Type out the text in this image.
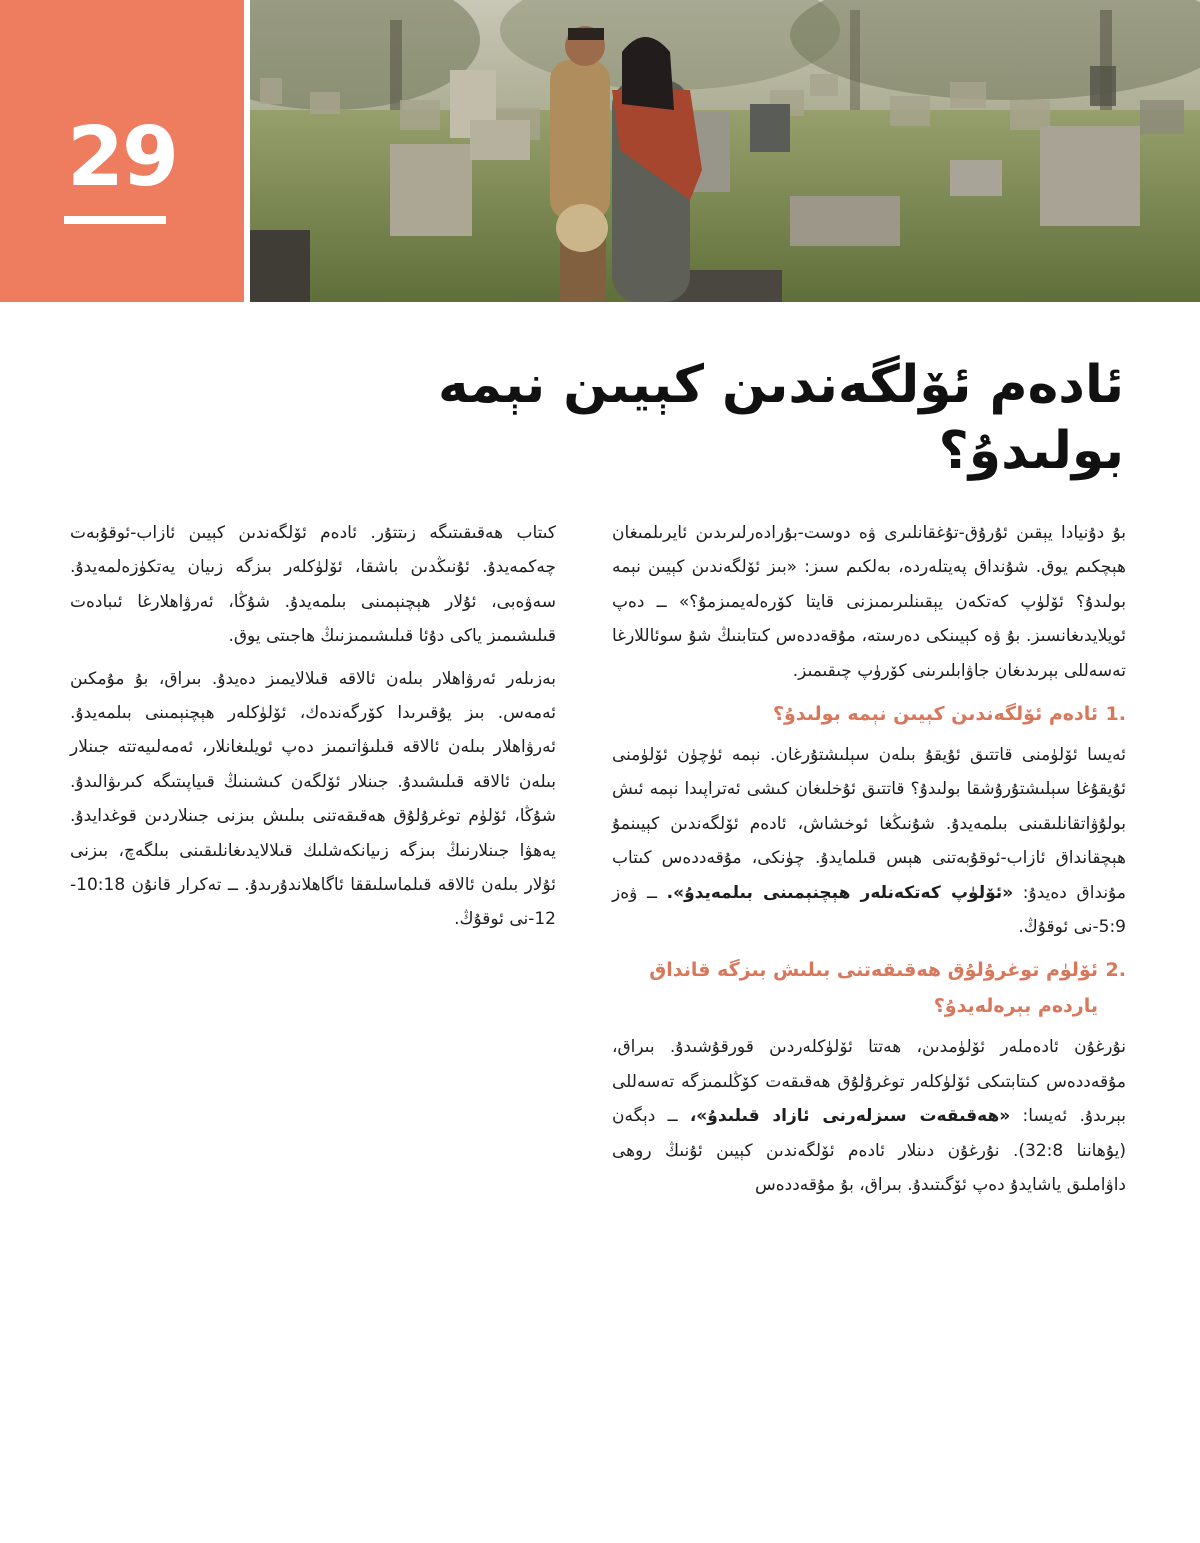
29
ئادەم ئۆلگەندىن كېيىن نېمە بولىدۇ؟

بۇ دۇنيادا يېقىن ئۇرۇق-تۇغقانلىرى ۋە دوست-بۇرادەرلىرىدىن ئايرىلمىغان ھېچكىم يوق. شۇنداق پەيتلەردە، بەلكىم سىز: «بىز ئۆلگەندىن كېيىن نېمە بولىدۇ؟ ئۆلۈپ كەتكەن يېقىنلىرىمىزنى قايتا كۆرەلەيمىزمۇ؟» ــ دەپ ئويلايدىغانسىز. بۇ ۋە كېيىنكى دەرستە، مۇقەددەس كىتابنىڭ شۇ سوئاللارغا تەسەللى بېرىدىغان جاۋابلىرىنى كۆرۈپ چىقىمىز.

1.
ئادەم ئۆلگەندىن كېيىن نېمە بولىدۇ؟

ئەيسا ئۆلۈمنى قاتتىق ئۇيقۇ بىلەن سېلىشتۇرغان. نېمە ئۈچۈن ئۆلۈمنى ئۇيقۇغا سېلىشتۇرۇشقا بولىدۇ؟ قاتتىق ئۇخلىغان كىشى ئەتراپىدا نېمە ئىش بولۇۋاتقانلىقىنى بىلمەيدۇ. شۇنىڭغا ئوخشاش، ئادەم ئۆلگەندىن كېيىنمۇ ھېچقانداق ئازاب-ئوقۇبەتنى ھېس قىلمايدۇ. چۈنكى، مۇقەددەس كىتاب مۇنداق دەيدۇ: «ئۆلۈپ كەتكەنلەر ھېچنېمىنى بىلمەيدۇ». ــ ۋەز 5:9-نى ئوقۇڭ.

2.
ئۆلۈم توغرۇلۇق ھەقىقەتنى بىلىش بىزگە قانداق ياردەم بېرەلەيدۇ؟

نۇرغۇن ئادەملەر ئۆلۈمدىن، ھەتتا ئۆلۈكلەردىن قورقۇشىدۇ. بىراق، مۇقەددەس كىتابتىكى ئۆلۈكلەر توغرۇلۇق ھەقىقەت كۆڭلىمىزگە تەسەللى بېرىدۇ. ئەيسا: «ھەقىقەت سىزلەرنى ئازاد قىلىدۇ»، ــ دېگەن (يۇھاننا 32:8). نۇرغۇن دىنلار ئادەم ئۆلگەندىن كېيىن ئۇنىڭ روھى داۋاملىق ياشايدۇ دەپ ئۆگىتىدۇ. بىراق، بۇ مۇقەددەس

كىتاب ھەقىقىتىگە زىتتۇر. ئادەم ئۆلگەندىن كېيىن ئازاب-ئوقۇبەت چەكمەيدۇ. ئۇنىڭدىن باشقا، ئۆلۈكلەر بىزگە زىيان يەتكۈزەلمەيدۇ. سەۋەبى، ئۇلار ھېچنېمىنى بىلمەيدۇ. شۇڭا، ئەرۋاھلارغا ئىبادەت قىلىشىمىز ياكى دۇئا قىلىشىمىزنىڭ ھاجىتى يوق.

بەزىلەر ئەرۋاھلار بىلەن ئالاقە قىلالايمىز دەيدۇ. بىراق، بۇ مۇمكىن ئەمەس. بىز يۇقىرىدا كۆرگەندەك، ئۆلۈكلەر ھېچنېمىنى بىلمەيدۇ. ئەرۋاھلار بىلەن ئالاقە قىلىۋاتىمىز دەپ ئويلىغانلار، ئەمەلىيەتتە جىنلار بىلەن ئالاقە قىلىشىدۇ. جىنلار ئۆلگەن كىشىنىڭ قىياپىتىگە كىرىۋالىدۇ. شۇڭا، ئۆلۈم توغرۇلۇق ھەقىقەتنى بىلىش بىزنى جىنلاردىن قوغدايدۇ. يەھۋا جىنلارنىڭ بىزگە زىيانكەشلىك قىلالايدىغانلىقىنى بىلگەچ، بىزنى ئۇلار بىلەن ئالاقە قىلماسلىققا ئاگاھلاندۇرىدۇ. ــ تەكرار قانۇن 10:18-12-نى ئوقۇڭ.
